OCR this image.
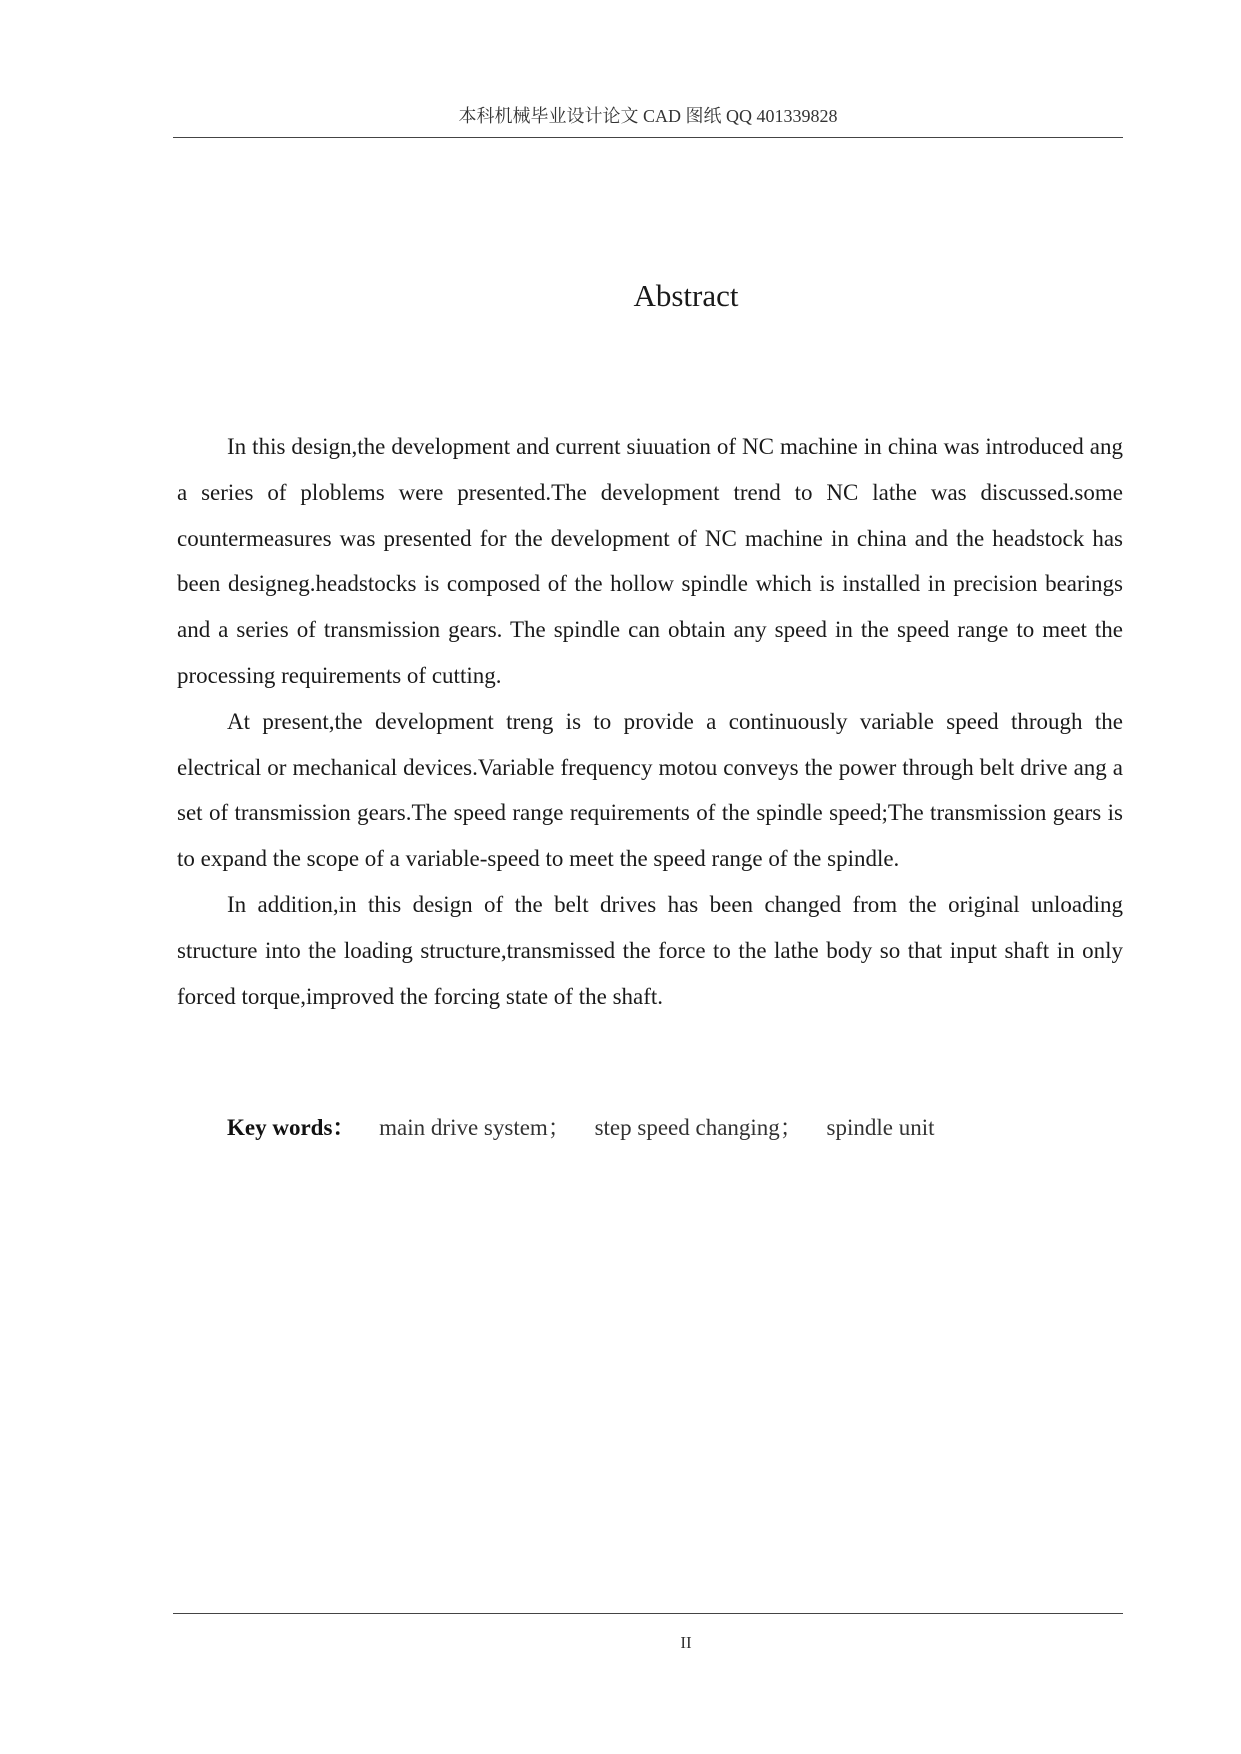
本科机械毕业设计论文 CAD 图纸 QQ 401339828
Abstract

In this design,the development and current siuuation of NC machine in china was introduced ang a series of ploblems were presented.The development trend to NC lathe was discussed.some countermeasures was presented for the development of NC machine in china and the headstock has been designeg.headstocks is composed of the hollow spindle which is installed in precision bearings and a series of transmission gears. The spindle can obtain any speed in the speed range to meet the processing requirements of cutting.

At present,the development treng is to provide a continuously variable speed through the electrical or mechanical devices.Variable frequency motou conveys the power through belt drive ang a set of transmission gears.The speed range requirements of the spindle speed;The transmission gears is to expand the scope of a variable-speed to meet the speed range of the spindle.

In addition,in this design of the belt drives has been changed from the original unloading structure into the loading structure,transmissed the force to the lathe body so that input shaft in only forced torque,improved the forcing state of the shaft.

Key words： main drive system； step speed changing； spindle unit
II
